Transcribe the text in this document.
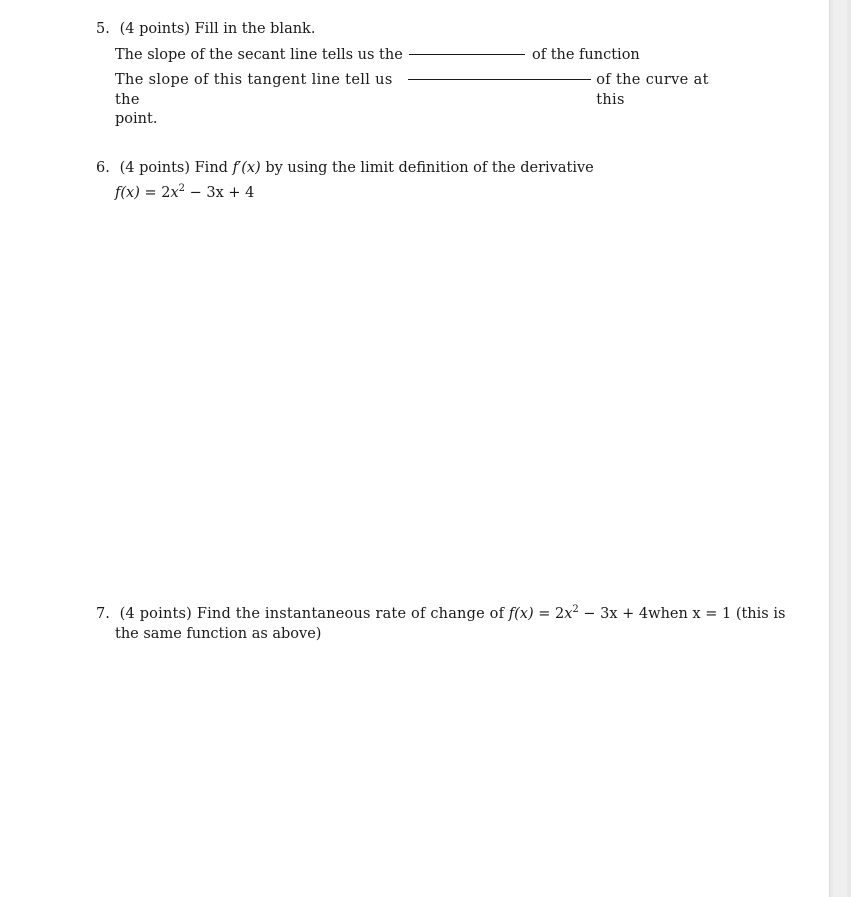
5. (4 points) Fill in the blank.
The slope of the secant line tells us the	of the function
The slope of this tangent line tell us the
of the curve at this
point.
6. (4 points) Find f′(x) by using the limit definition of the derivative
$f(x) = 2x^2 - 3x + 4$
7. (4 points) Find the instantaneous rate of change of $f(x) = 2x^2 - 3x + 4$ when x = 1 (this is
the same function as above)
